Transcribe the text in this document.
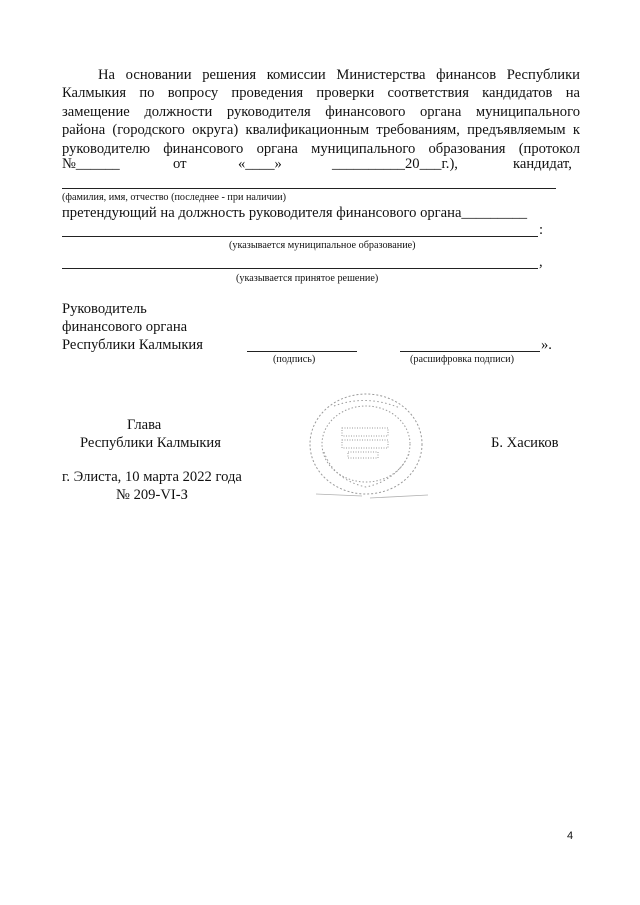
На основании решения комиссии Министерства финансов Республики
Калмыкия по вопросу проведения проверки соответствия кандидатов на
замещение должности руководителя финансового органа муниципального
района (городского округа) квалификационным требованиям, предъявляемым к
руководителю финансового органа муниципального образования (протокол
№______	от	«____»	__________20___г.),	кандидат,
(фамилия, имя, отчество (последнее - при наличии)
претендующий на должность руководителя финансового органа_________
:
(указывается муниципальное образование)
,
(указывается принятое решение)
Руководитель
финансового органа
Республики Калмыкия	».
(подпись)	(расшифровка подписи)
Глава
Республики Калмыкия	Б. Хасиков
г. Элиста, 10 марта 2022 года
№ 209-VI-З
4
